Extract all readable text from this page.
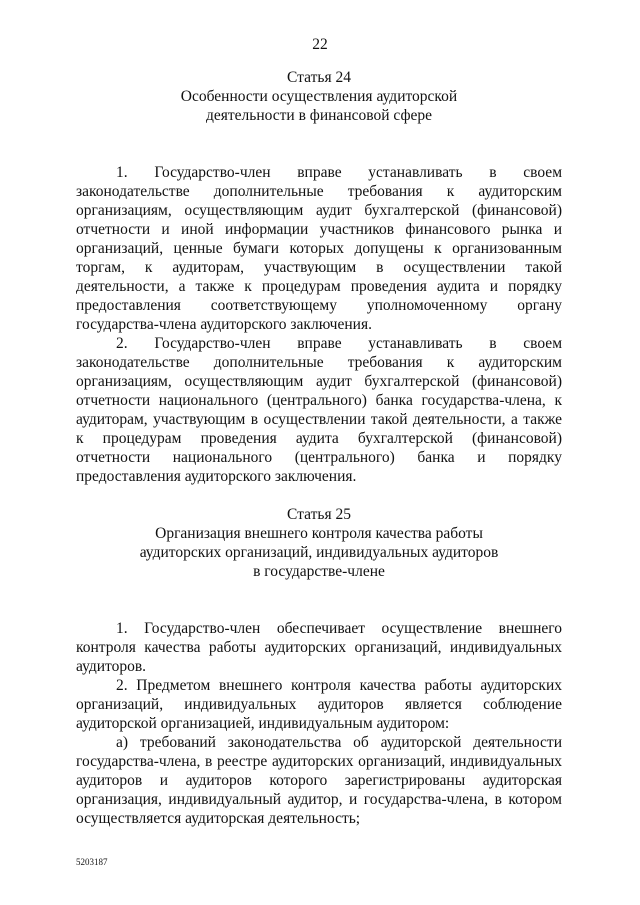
22

Статья 24

Особенности осуществления аудиторской

деятельности в финансовой сфере

1. Государство-член вправе устанавливать в своем законодательстве дополнительные требования к аудиторским организациям, осуществляющим аудит бухгалтерской (финансовой) отчетности и иной информации участников финансового рынка и организаций, ценные бумаги которых допущены к организованным торгам, к аудиторам, участвующим в осуществлении такой деятельности, а также к процедурам проведения аудита и порядку предоставления соответствующему уполномоченному органу государства-члена аудиторского заключения.

2. Государство-член вправе устанавливать в своем законодательстве дополнительные требования к аудиторским организациям, осуществляющим аудит бухгалтерской (финансовой) отчетности национального (центрального) банка государства-члена, к аудиторам, участвующим в осуществлении такой деятельности, а также к процедурам проведения аудита бухгалтерской (финансовой) отчетности национального (центрального) банка и порядку предоставления аудиторского заключения.

Статья 25

Организация внешнего контроля качества работы

аудиторских организаций, индивидуальных аудиторов

в государстве-члене

1. Государство-член обеспечивает осуществление внешнего контроля качества работы аудиторских организаций, индивидуальных аудиторов.

2. Предметом внешнего контроля качества работы аудиторских организаций, индивидуальных аудиторов является соблюдение аудиторской организацией, индивидуальным аудитором:

а) требований законодательства об аудиторской деятельности государства-члена, в реестре аудиторских организаций, индивидуальных аудиторов и аудиторов которого зарегистрированы аудиторская организация, индивидуальный аудитор, и государства-члена, в котором осуществляется аудиторская деятельность;

5203187
